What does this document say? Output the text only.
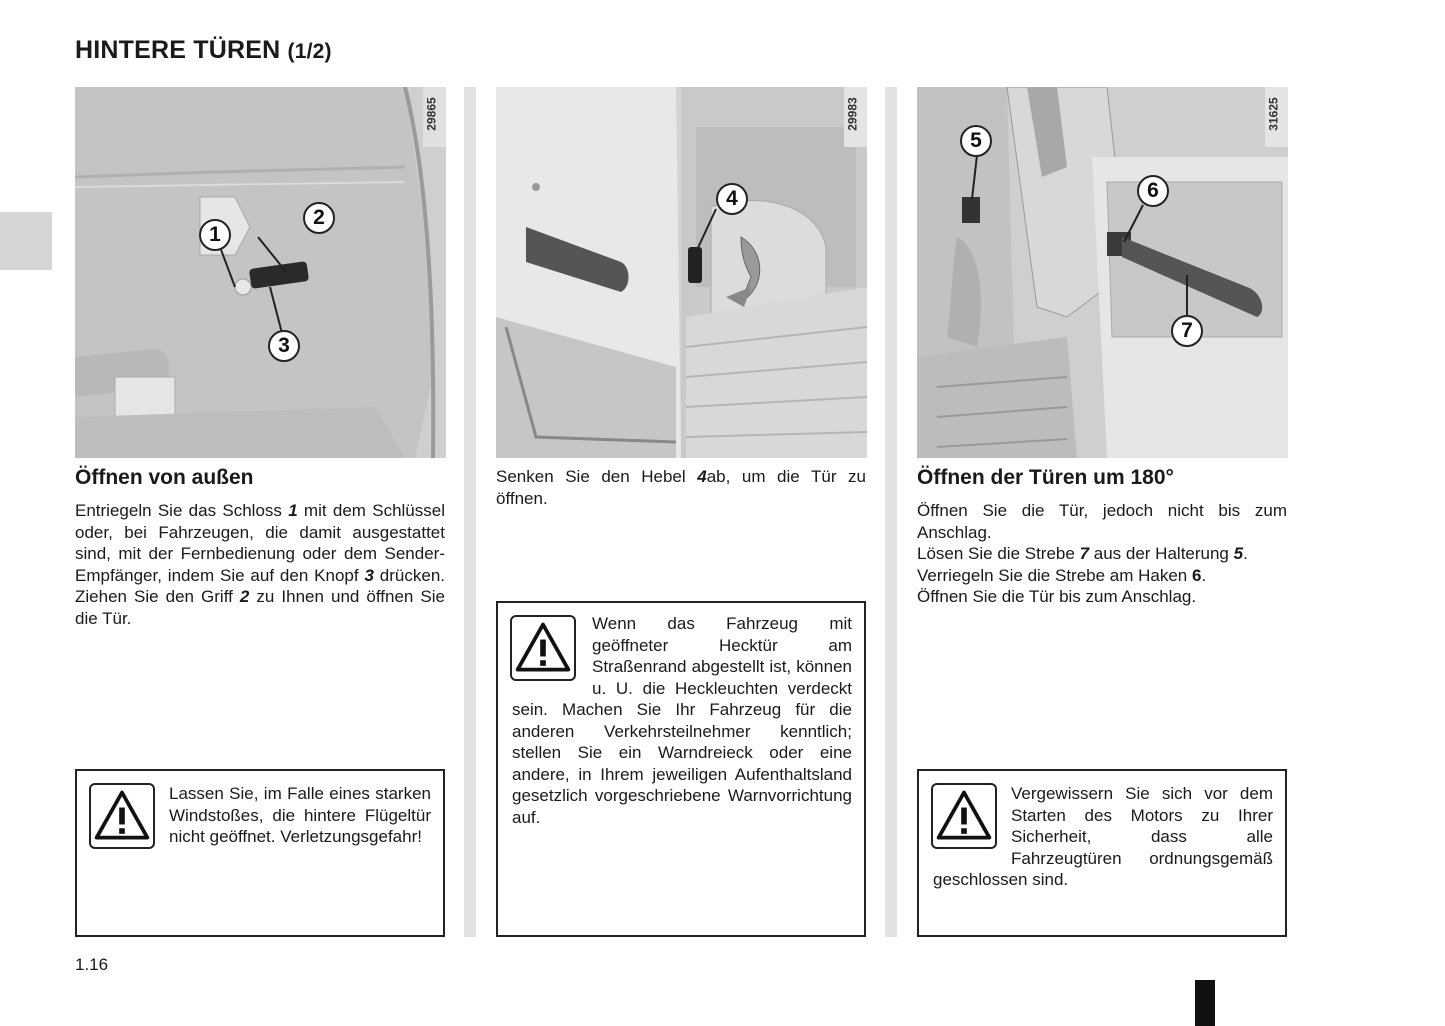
HINTERE TÜREN (1/2)
29865
1
2
3
29983
4
31625
5
6
7
Öffnen von außen

Entriegeln Sie das Schloss 1 mit dem Schlüssel oder, bei Fahrzeugen, die damit ausgestattet sind, mit der Fernbedienung oder dem Sender-Empfänger, indem Sie auf den Knopf 3 drücken. Ziehen Sie den Griff 2 zu Ihnen und öffnen Sie die Tür.

Lassen Sie, im Falle eines starken Windstoßes, die hintere Flügeltür nicht geöffnet. Verletzungsgefahr!

Senken Sie den Hebel 4ab, um die Tür zu öffnen.

Wenn das Fahrzeug mit geöffneter Hecktür am Straßenrand abgestellt ist, können u. U. die Heckleuchten verdeckt sein. Machen Sie Ihr Fahrzeug für die anderen Verkehrsteilnehmer kenntlich; stellen Sie ein Warndreieck oder eine andere, in Ihrem jeweiligen Aufenthaltsland gesetzlich vorgeschriebene Warnvorrichtung auf.
Öffnen der Türen um 180°

Öffnen Sie die Tür, jedoch nicht bis zum Anschlag.

Lösen Sie die Strebe 7 aus der Halterung 5.

Verriegeln Sie die Strebe am Haken 6.

Öffnen Sie die Tür bis zum Anschlag.

Vergewissern Sie sich vor dem Starten des Motors zu Ihrer Sicherheit, dass alle Fahrzeugtüren ordnungsgemäß geschlossen sind.
1.16
